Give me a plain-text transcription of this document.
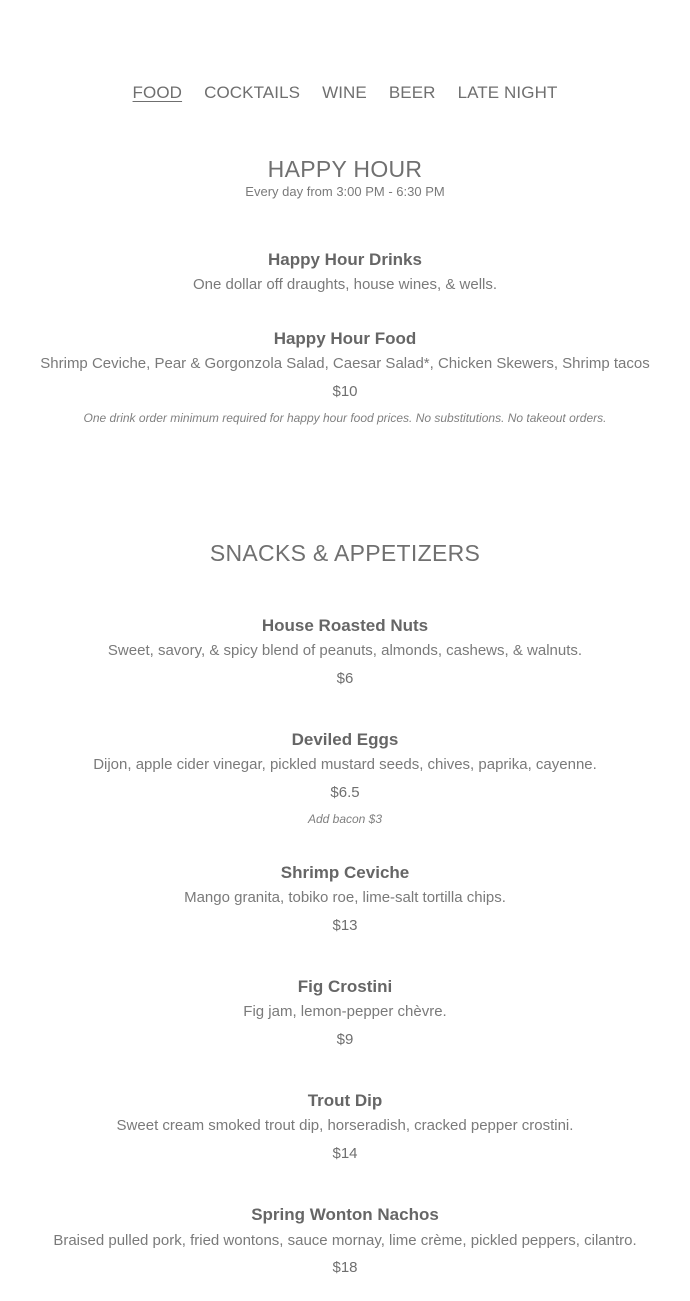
FOOD COCKTAILS WINE BEER LATE NIGHT
HAPPY HOUR
Every day from 3:00 PM - 6:30 PM
Happy Hour Drinks
One dollar off draughts, house wines, & wells.
Happy Hour Food
Shrimp Ceviche, Pear & Gorgonzola Salad, Caesar Salad*, Chicken Skewers, Shrimp tacos
$10
One drink order minimum required for happy hour food prices. No substitutions. No takeout orders.
SNACKS & APPETIZERS
House Roasted Nuts
Sweet, savory, & spicy blend of peanuts, almonds, cashews, & walnuts.
$6
Deviled Eggs
Dijon, apple cider vinegar, pickled mustard seeds, chives, paprika, cayenne.
$6.5
Add bacon $3
Shrimp Ceviche
Mango granita, tobiko roe, lime-salt tortilla chips.
$13
Fig Crostini
Fig jam, lemon-pepper chèvre.
$9
Trout Dip
Sweet cream smoked trout dip, horseradish, cracked pepper crostini.
$14
Spring Wonton Nachos
Braised pulled pork, fried wontons, sauce mornay, lime crème, pickled peppers, cilantro.
$18
